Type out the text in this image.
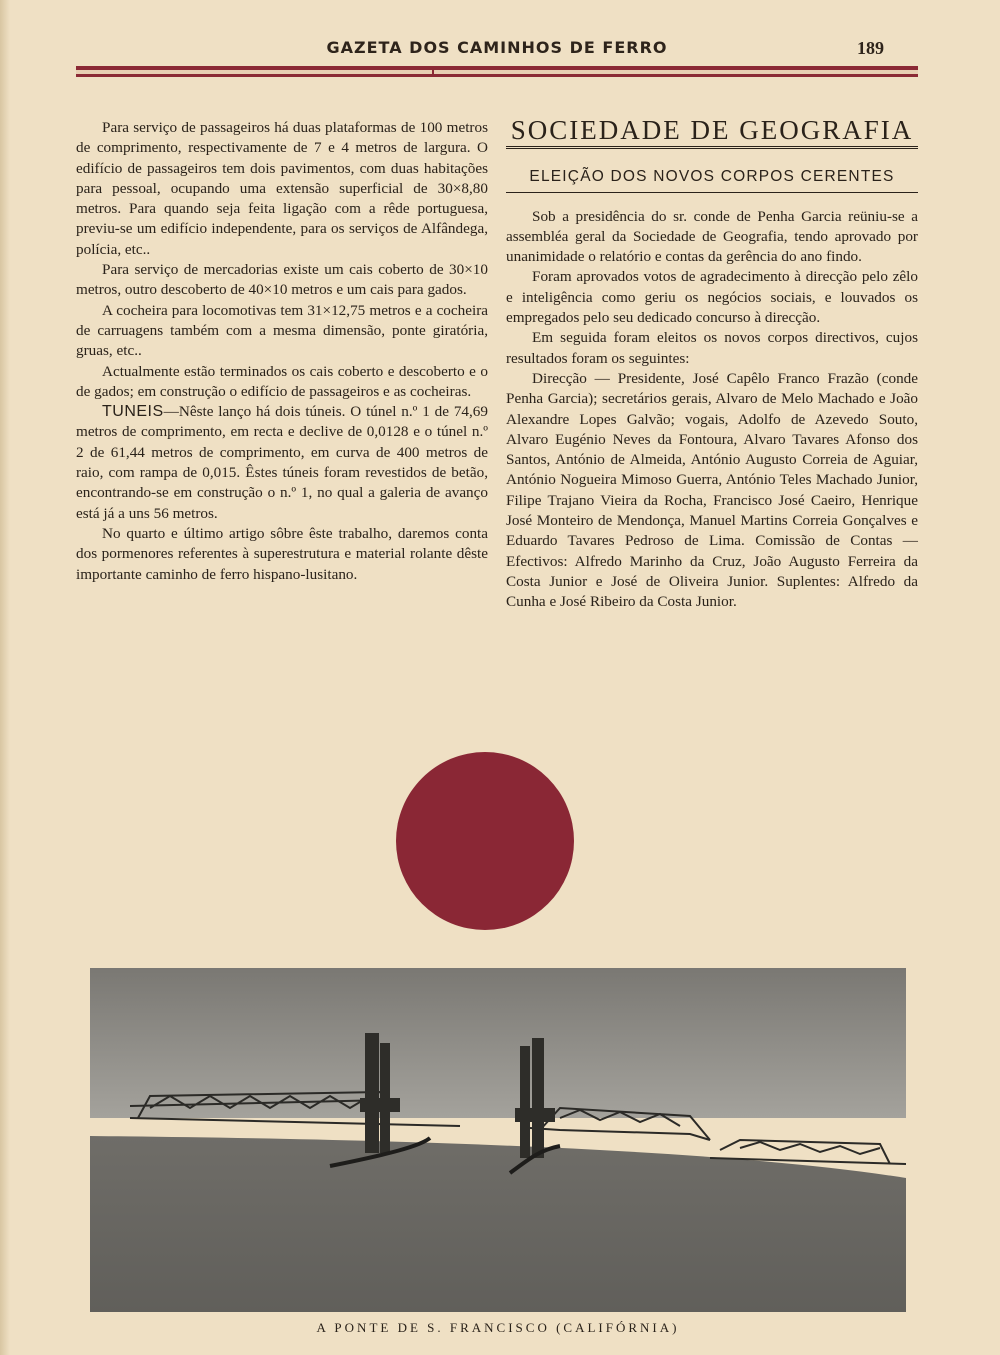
GAZETA DOS CAMINHOS DE FERRO	189

Para serviço de passageiros há duas plataformas de 100 metros de comprimento, respectivamente de 7 e 4 metros de largura. O edifício de passageiros tem dois pavimentos, com duas habitações para pessoal, ocupando uma extensão superficial de 30×8,80 metros. Para quando seja feita ligação com a rêde portuguesa, previu-se um edifício independente, para os serviços de Alfândega, polícia, etc..

Para serviço de mercadorias existe um cais coberto de 30×10 metros, outro descoberto de 40×10 metros e um cais para gados.

A cocheira para locomotivas tem 31×12,75 metros e a cocheira de carruagens também com a mesma dimensão, ponte giratória, gruas, etc..

Actualmente estão terminados os cais coberto e descoberto e o de gados; em construção o edifício de passageiros e as cocheiras.

TUNEIS—Nêste lanço há dois túneis. O túnel n.º 1 de 74,69 metros de comprimento, em recta e declive de 0,0128 e o túnel n.º 2 de 61,44 metros de comprimento, em curva de 400 metros de raio, com rampa de 0,015. Êstes túneis foram revestidos de betão, encontrando-se em construção o n.º 1, no qual a galeria de avanço está já a uns 56 metros.

No quarto e último artigo sôbre êste trabalho, daremos conta dos pormenores referentes à superestrutura e material rolante dêste importante caminho de ferro hispano-lusitano.

SOCIEDADE DE GEOGRAFIA
ELEIÇÃO DOS NOVOS CORPOS CERENTES

Sob a presidência do sr. conde de Penha Garcia reüniu-se a assembléa geral da Sociedade de Geografia, tendo aprovado por unanimidade o relatório e contas da gerência do ano findo.

Foram aprovados votos de agradecimento à direcção pelo zêlo e inteligência como geriu os negócios sociais, e louvados os empregados pelo seu dedicado concurso à direcção.

Em seguida foram eleitos os novos corpos directivos, cujos resultados foram os seguintes:

Direcção — Presidente, José Capêlo Franco Frazão (conde Penha Garcia); secretários gerais, Alvaro de Melo Machado e João Alexandre Lopes Galvão; vogais, Adolfo de Azevedo Souto, Alvaro Eugénio Neves da Fontoura, Alvaro Tavares Afonso dos Santos, António de Almeida, António Augusto Correia de Aguiar, António Nogueira Mimoso Guerra, António Teles Machado Junior, Filipe Trajano Vieira da Rocha, Francisco José Caeiro, Henrique José Monteiro de Mendonça, Manuel Martins Correia Gonçalves e Eduardo Tavares Pedroso de Lima. Comissão de Contas — Efectivos: Alfredo Marinho da Cruz, João Augusto Ferreira da Costa Junior e José de Oliveira Junior. Suplentes: Alfredo da Cunha e José Ribeiro da Costa Junior.

A PONTE DE S. FRANCISCO (CALIFÓRNIA)
